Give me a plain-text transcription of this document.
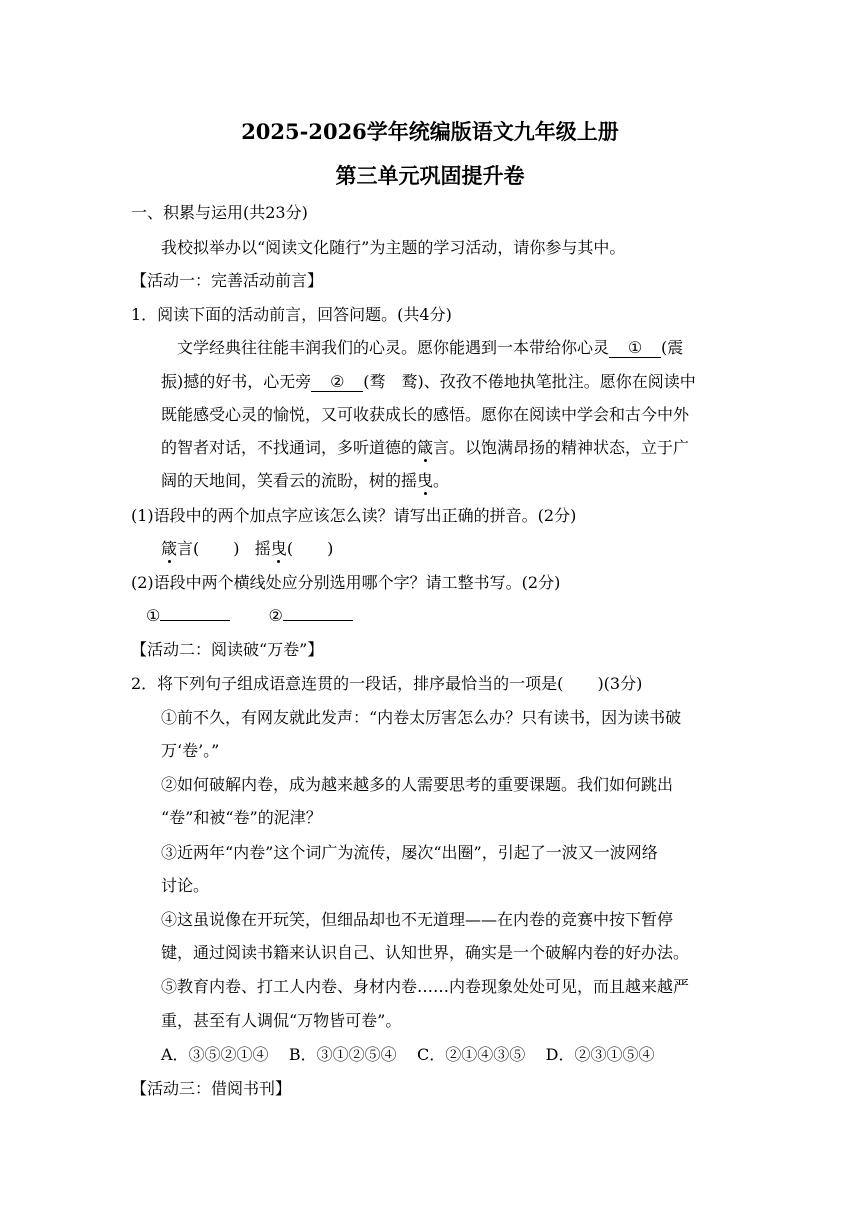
2025-2026学年统编版语文九年级上册
第三单元巩固提升卷
一、积累与运用(共23分)
我校拟举办以“阅读文化随行”为主题的学习活动，请你参与其中。
【活动一：完善活动前言】
1．阅读下面的活动前言，回答问题。(共4分)
文学经典往往能丰润我们的心灵。愿你能遇到一本带给你心灵 ① (震
振)撼的好书，心无旁 ② (骛　鹜)、孜孜不倦地执笔批注。愿你在阅读中
既能感受心灵的愉悦，又可收获成长的感悟。愿你在阅读中学会和古今中外
的智者对话，不找通词，多听道德的箴言。以饱满昂扬的精神状态，立于广
阔的天地间，笑看云的流盼，树的摇曳。
(1)语段中的两个加点字应该怎么读？请写出正确的拼音。(2分)
箴言( ) 摇曳( )
(2)语段中两个横线处应分别选用哪个字？请工整书写。(2分)
①	②
【活动二：阅读破“万卷”】
2．将下列句子组成语意连贯的一段话，排序最恰当的一项是( )(3分)
①前不久，有网友就此发声：“内卷太厉害怎么办？只有读书，因为读书破
万‘卷’。”
②如何破解内卷，成为越来越多的人需要思考的重要课题。我们如何跳出
“卷”和被“卷”的泥津？
③近两年“内卷”这个词广为流传，屡次“出圈”，引起了一波又一波网络
讨论。
④这虽说像在开玩笑，但细品却也不无道理——在内卷的竞赛中按下暂停
键，通过阅读书籍来认识自己、认知世界，确实是一个破解内卷的好办法。
⑤教育内卷、打工人内卷、身材内卷……内卷现象处处可见，而且越来越严
重，甚至有人调侃“万物皆可卷”。
A．③⑤②①④ B．③①②⑤④ C．②①④③⑤ D．②③①⑤④
【活动三：借阅书刊】
